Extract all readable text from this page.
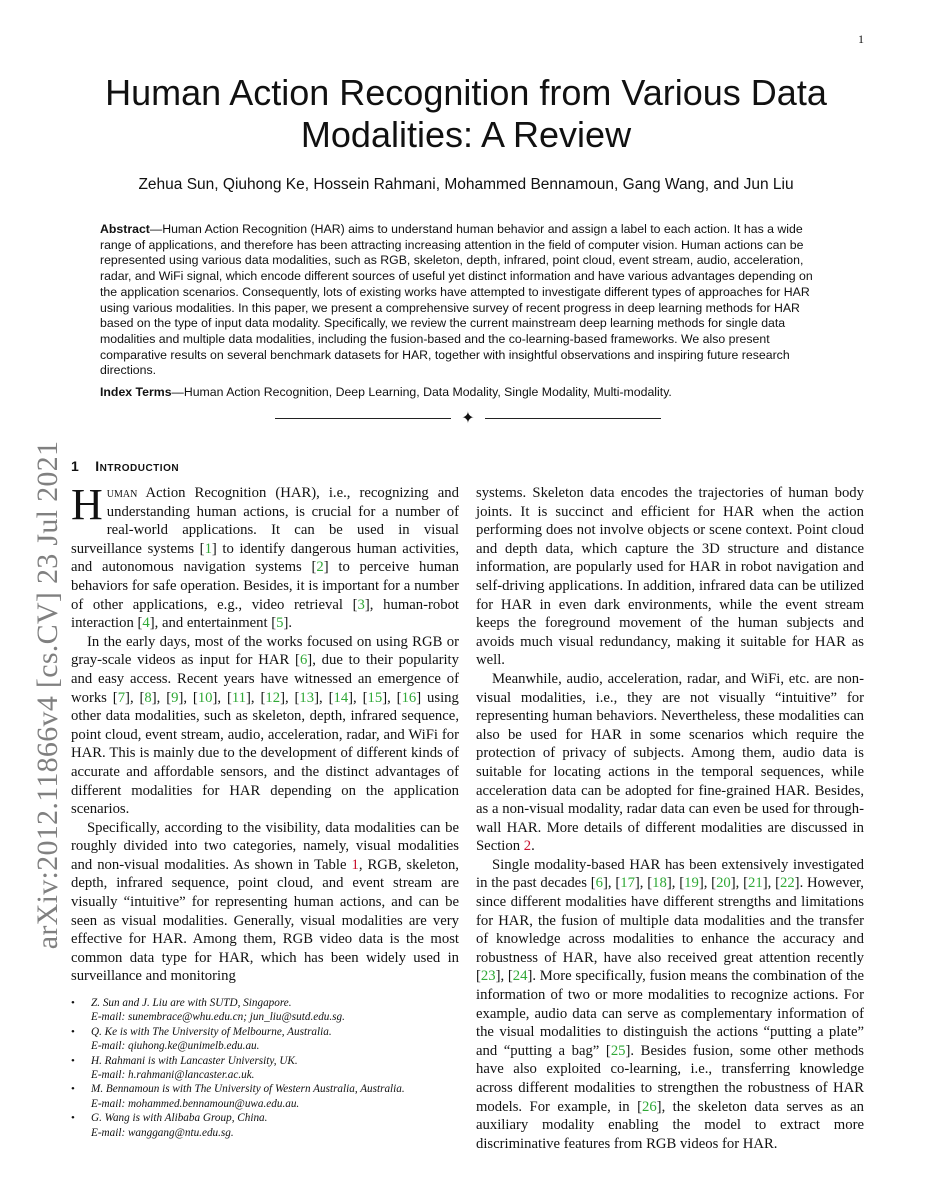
1
arXiv:2012.11866v4 [cs.CV] 23 Jul 2021
Human Action Recognition from Various Data Modalities: A Review
Zehua Sun, Qiuhong Ke, Hossein Rahmani, Mohammed Bennamoun, Gang Wang, and Jun Liu

Abstract—Human Action Recognition (HAR) aims to understand human behavior and assign a label to each action. It has a wide range of applications, and therefore has been attracting increasing attention in the field of computer vision. Human actions can be represented using various data modalities, such as RGB, skeleton, depth, infrared, point cloud, event stream, audio, acceleration, radar, and WiFi signal, which encode different sources of useful yet distinct information and have various advantages depending on the application scenarios. Consequently, lots of existing works have attempted to investigate different types of approaches for HAR using various modalities. In this paper, we present a comprehensive survey of recent progress in deep learning methods for HAR based on the type of input data modality. Specifically, we review the current mainstream deep learning methods for single data modalities and multiple data modalities, including the fusion-based and the co-learning-based frameworks. We also present comparative results on several benchmark datasets for HAR, together with insightful observations and inspiring future research directions.

Index Terms—Human Action Recognition, Deep Learning, Data Modality, Single Modality, Multi-modality.

✦
1 Introduction

Human Action Recognition (HAR), i.e., recognizing and understanding human actions, is crucial for a number of real-world applications. It can be used in visual surveillance systems [1] to identify dangerous human activities, and autonomous navigation systems [2] to perceive human behaviors for safe operation. Besides, it is important for a number of other applications, e.g., video retrieval [3], human-robot interaction [4], and entertainment [5].

In the early days, most of the works focused on using RGB or gray-scale videos as input for HAR [6], due to their popularity and easy access. Recent years have witnessed an emergence of works [7], [8], [9], [10], [11], [12], [13], [14], [15], [16] using other data modalities, such as skeleton, depth, infrared sequence, point cloud, event stream, audio, acceleration, radar, and WiFi for HAR. This is mainly due to the development of different kinds of accurate and affordable sensors, and the distinct advantages of different modalities for HAR depending on the application scenarios.

Specifically, according to the visibility, data modalities can be roughly divided into two categories, namely, visual modalities and non-visual modalities. As shown in Table 1, RGB, skeleton, depth, infrared sequence, point cloud, and event stream are visually “intuitive” for representing human actions, and can be seen as visual modalities. Generally, visual modalities are very effective for HAR. Among them, RGB video data is the most common data type for HAR, which has been widely used in surveillance and monitoring

systems. Skeleton data encodes the trajectories of human body joints. It is succinct and efficient for HAR when the action performing does not involve objects or scene context. Point cloud and depth data, which capture the 3D structure and distance information, are popularly used for HAR in robot navigation and self-driving applications. In addition, infrared data can be utilized for HAR in even dark environments, while the event stream keeps the foreground movement of the human subjects and avoids much visual redundancy, making it suitable for HAR as well.

Meanwhile, audio, acceleration, radar, and WiFi, etc. are non-visual modalities, i.e., they are not visually “intuitive” for representing human behaviors. Nevertheless, these modalities can also be used for HAR in some scenarios which require the protection of privacy of subjects. Among them, audio data is suitable for locating actions in the temporal sequences, while acceleration data can be adopted for fine-grained HAR. Besides, as a non-visual modality, radar data can even be used for through-wall HAR. More details of different modalities are discussed in Section 2.

Single modality-based HAR has been extensively investigated in the past decades [6], [17], [18], [19], [20], [21], [22]. However, since different modalities have different strengths and limitations for HAR, the fusion of multiple data modalities and the transfer of knowledge across modalities to enhance the accuracy and robustness of HAR, have also received great attention recently [23], [24]. More specifically, fusion means the combination of the information of two or more modalities to recognize actions. For example, audio data can serve as complementary information of the visual modalities to distinguish the actions “putting a plate” and “putting a bag” [25]. Besides fusion, some other methods have also exploited co-learning, i.e., transferring knowledge across different modalities to strengthen the robustness of HAR models. For example, in [26], the skeleton data serves as an auxiliary modality enabling the model to extract more discriminative features from RGB videos for HAR.

• Z. Sun and J. Liu are with SUTD, Singapore.
E-mail: sunembrace@whu.edu.cn; jun_liu@sutd.edu.sg.
• Q. Ke is with The University of Melbourne, Australia.
E-mail: qiuhong.ke@unimelb.edu.au.
• H. Rahmani is with Lancaster University, UK.
E-mail: h.rahmani@lancaster.ac.uk.
• M. Bennamoun is with The University of Western Australia, Australia.
E-mail: mohammed.bennamoun@uwa.edu.au.
• G. Wang is with Alibaba Group, China.
E-mail: wanggang@ntu.edu.sg.
